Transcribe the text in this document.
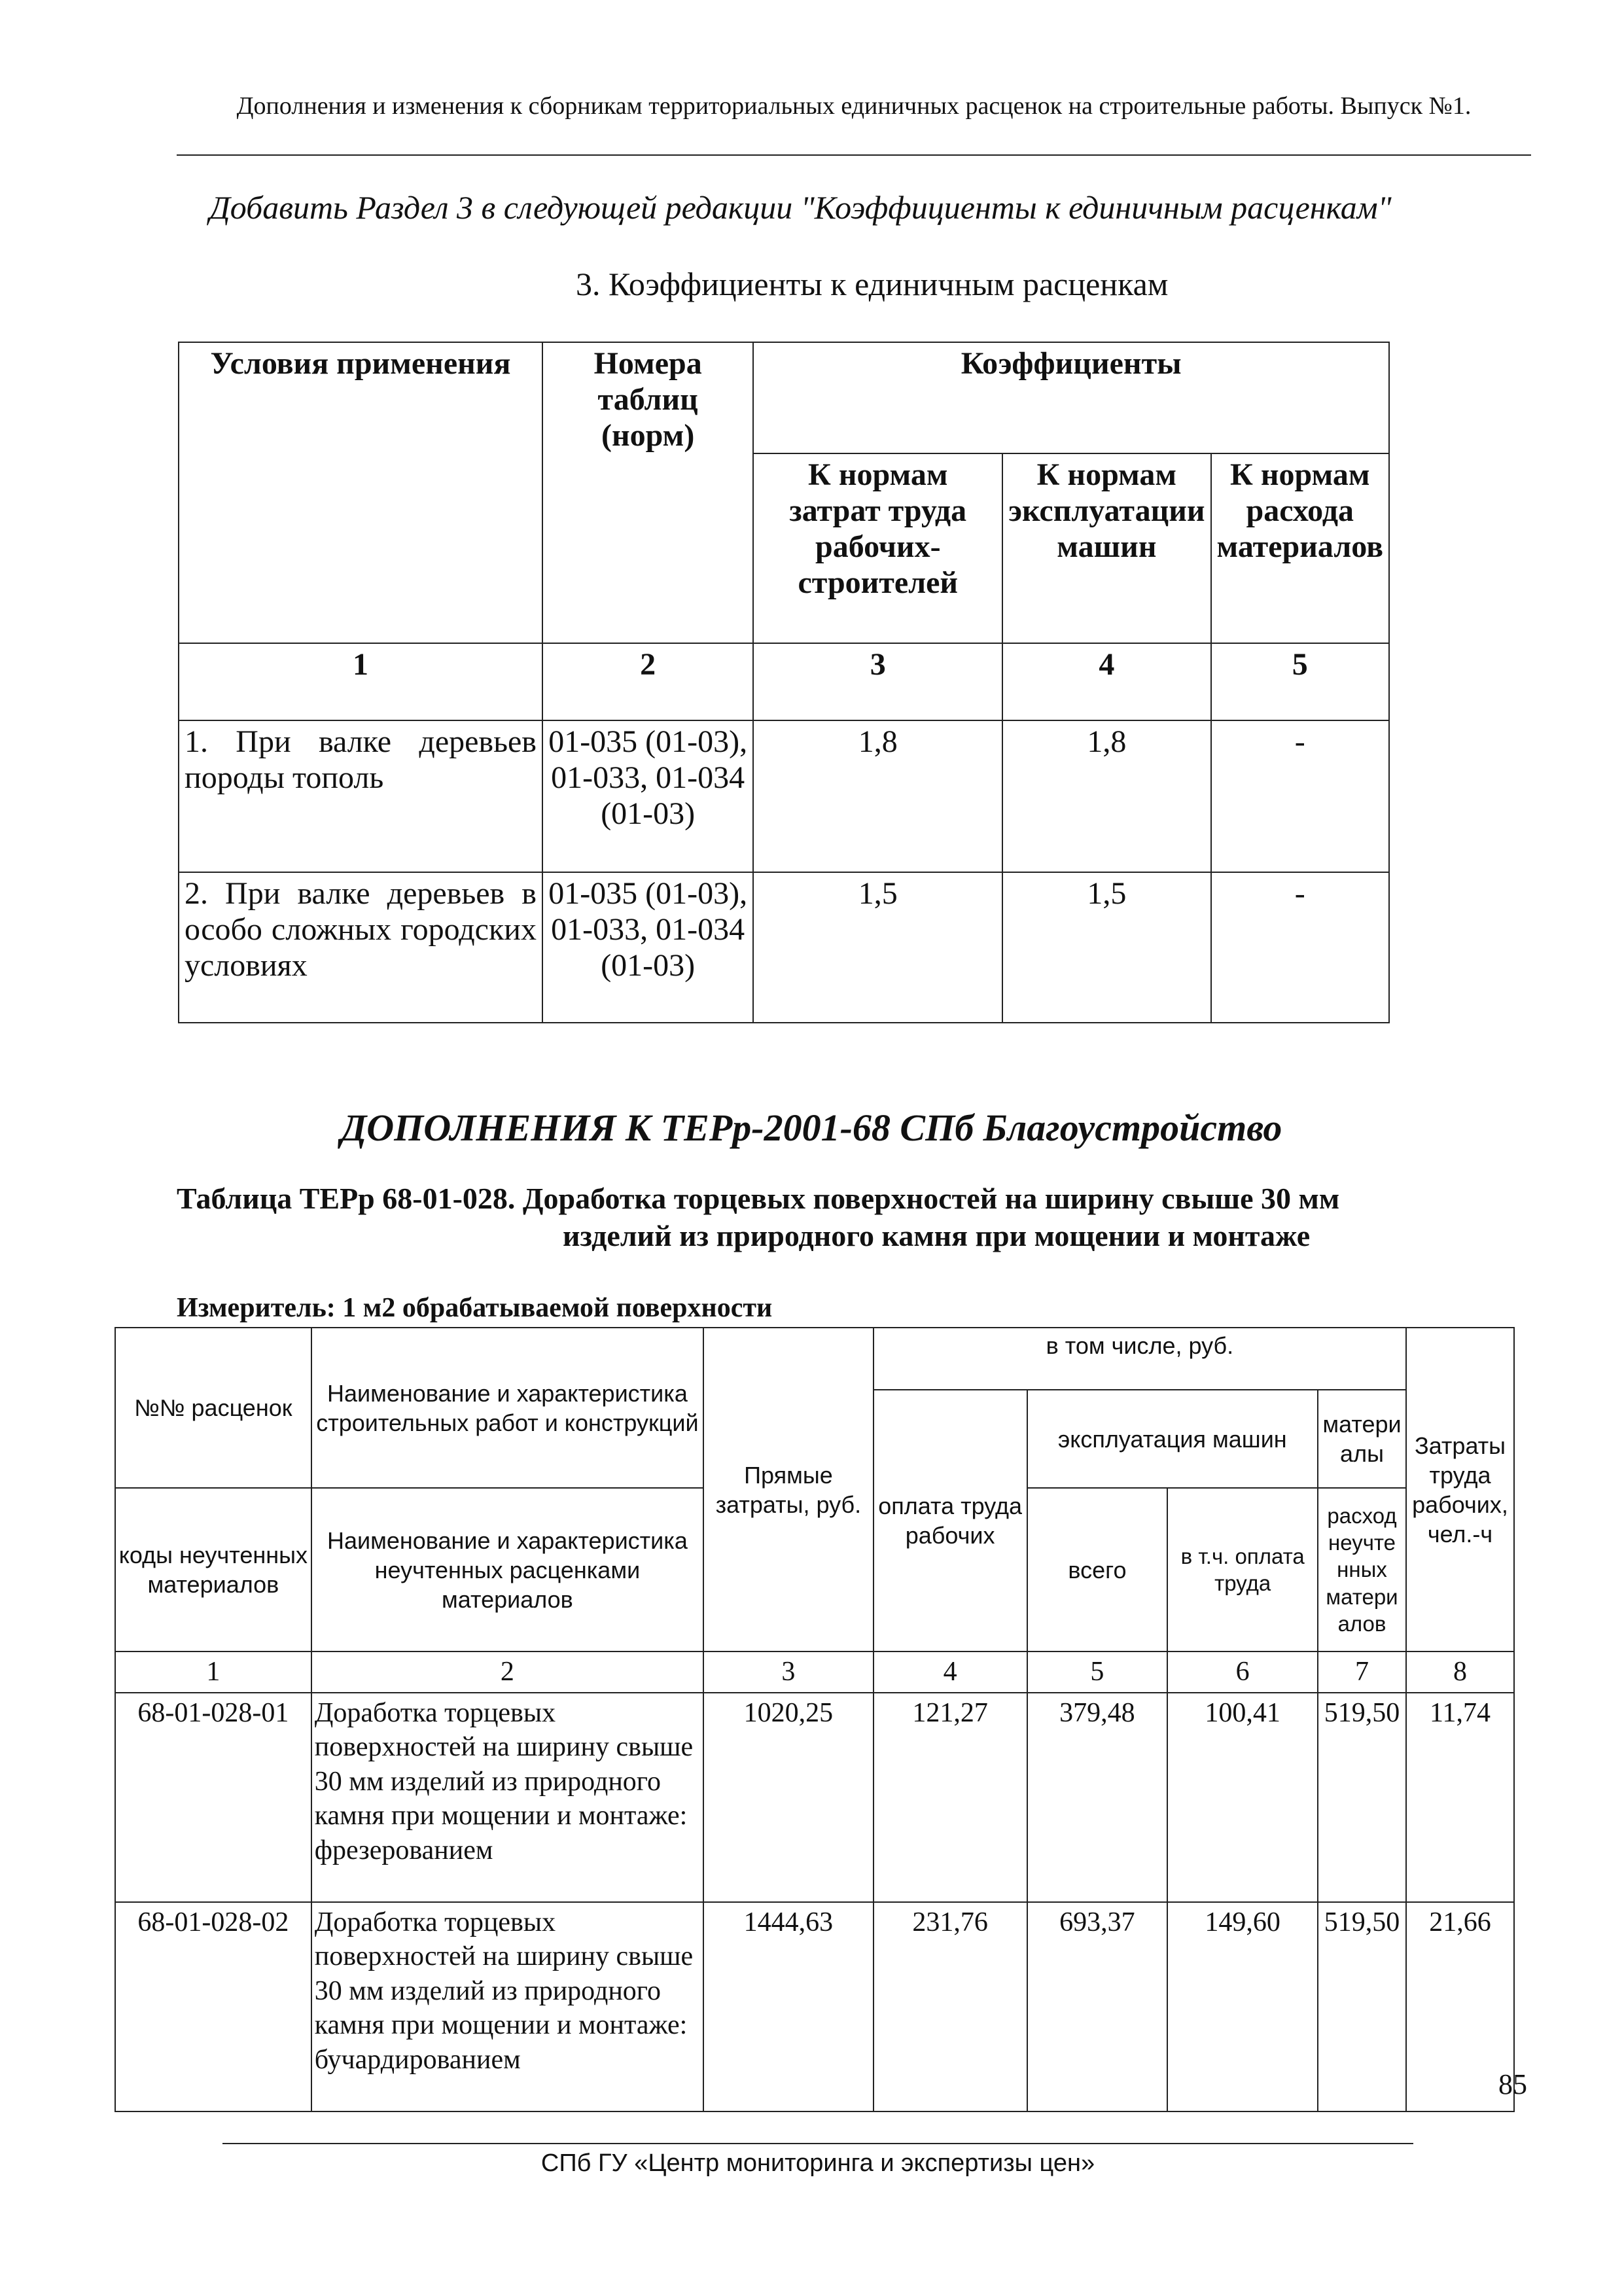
Дополнения и изменения к сборникам территориальных единичных расценок на строительные работы. Выпуск №1.
Добавить Раздел 3 в следующей редакции "Коэффициенты к единичным расценкам"
3. Коэффициенты к единичным расценкам
Условия применения	Номера таблиц (норм)	Коэффициенты		
		К нормам затрат труда рабочих-строителей	К нормам эксплуатации машин	К нормам расхода материалов
1	2	3	4	5
1. При валке деревьев породы тополь	01-035 (01-03), 01-033, 01-034 (01-03)	1,8	1,8	-
2. При валке деревьев в особо сложных городских условиях	01-035 (01-03), 01-033, 01-034 (01-03)	1,5	1,5	-
ДОПОЛНЕНИЯ К ТЕРр-2001-68 СПб Благоустройство
Таблица ТЕРр 68-01-028. Доработка торцевых поверхностей на ширину свыше 30 мм
изделий из природного камня при мощении и монтаже
Измеритель: 1 м2 обрабатываемой поверхности
№№ расценок	Наименование и характеристика строительных работ и конструкций	Прямые затраты, руб.	в том числе, руб.				Затраты труда рабочих, чел.-ч
			оплата труда рабочих	эксплуатация машин		матери алы	
коды неучтенных материалов	Наименование и характеристика неучтенных расценками материалов			всего	в т.ч. оплата труда	расход неучте нных матери алов	

1	2	3	4	5	6	7	8
68-01-028-01	Доработка торцевых поверхностей на ширину свыше 30 мм изделий из природного камня при мощении и монтаже: фрезерованием	1020,25	121,27	379,48	100,41	519,50	11,74
68-01-028-02	Доработка торцевых поверхностей на ширину свыше 30 мм изделий из природного камня при мощении и монтаже: бучардированием	1444,63	231,76	693,37	149,60	519,50	21,66
85
СПб ГУ «Центр мониторинга и экспертизы цен»
